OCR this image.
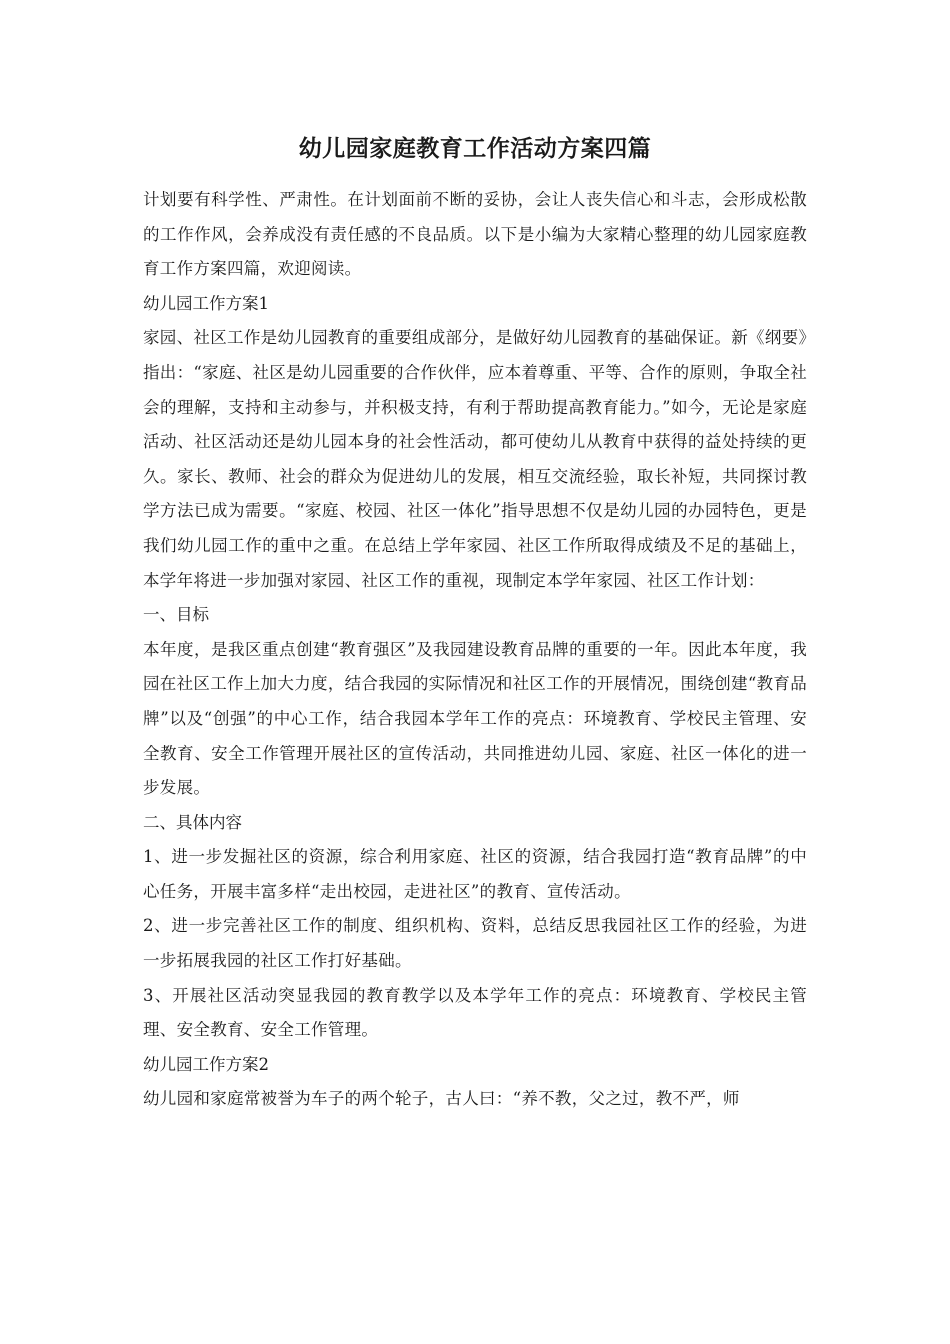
幼儿园家庭教育工作活动方案四篇

计划要有科学性、严肃性。在计划面前不断的妥协，会让人丧失信心和斗志，会形成松散的工作作风，会养成没有责任感的不良品质。以下是小编为大家精心整理的幼儿园家庭教育工作方案四篇，欢迎阅读。

幼儿园工作方案1

家园、社区工作是幼儿园教育的重要组成部分，是做好幼儿园教育的基础保证。新《纲要》指出：“家庭、社区是幼儿园重要的合作伙伴，应本着尊重、平等、合作的原则，争取全社会的理解，支持和主动参与，并积极支持，有利于帮助提高教育能力。”如今，无论是家庭活动、社区活动还是幼儿园本身的社会性活动，都可使幼儿从教育中获得的益处持续的更久。家长、教师、社会的群众为促进幼儿的发展，相互交流经验，取长补短，共同探讨教学方法已成为需要。“家庭、校园、社区一体化”指导思想不仅是幼儿园的办园特色，更是我们幼儿园工作的重中之重。在总结上学年家园、社区工作所取得成绩及不足的基础上，本学年将进一步加强对家园、社区工作的重视，现制定本学年家园、社区工作计划：

一、目标

本年度，是我区重点创建“教育强区”及我园建设教育品牌的重要的一年。因此本年度，我园在社区工作上加大力度，结合我园的实际情况和社区工作的开展情况，围绕创建“教育品牌”以及“创强”的中心工作，结合我园本学年工作的亮点：环境教育、学校民主管理、安全教育、安全工作管理开展社区的宣传活动，共同推进幼儿园、家庭、社区一体化的进一步发展。

二、具体内容

1、进一步发掘社区的资源，综合利用家庭、社区的资源，结合我园打造“教育品牌”的中心任务，开展丰富多样“走出校园，走进社区”的教育、宣传活动。

2、进一步完善社区工作的制度、组织机构、资料，总结反思我园社区工作的经验，为进一步拓展我园的社区工作打好基础。

3、开展社区活动突显我园的教育教学以及本学年工作的亮点：环境教育、学校民主管理、安全教育、安全工作管理。

幼儿园工作方案2

幼儿园和家庭常被誉为车子的两个轮子，古人曰：“养不教，父之过，教不严，师
